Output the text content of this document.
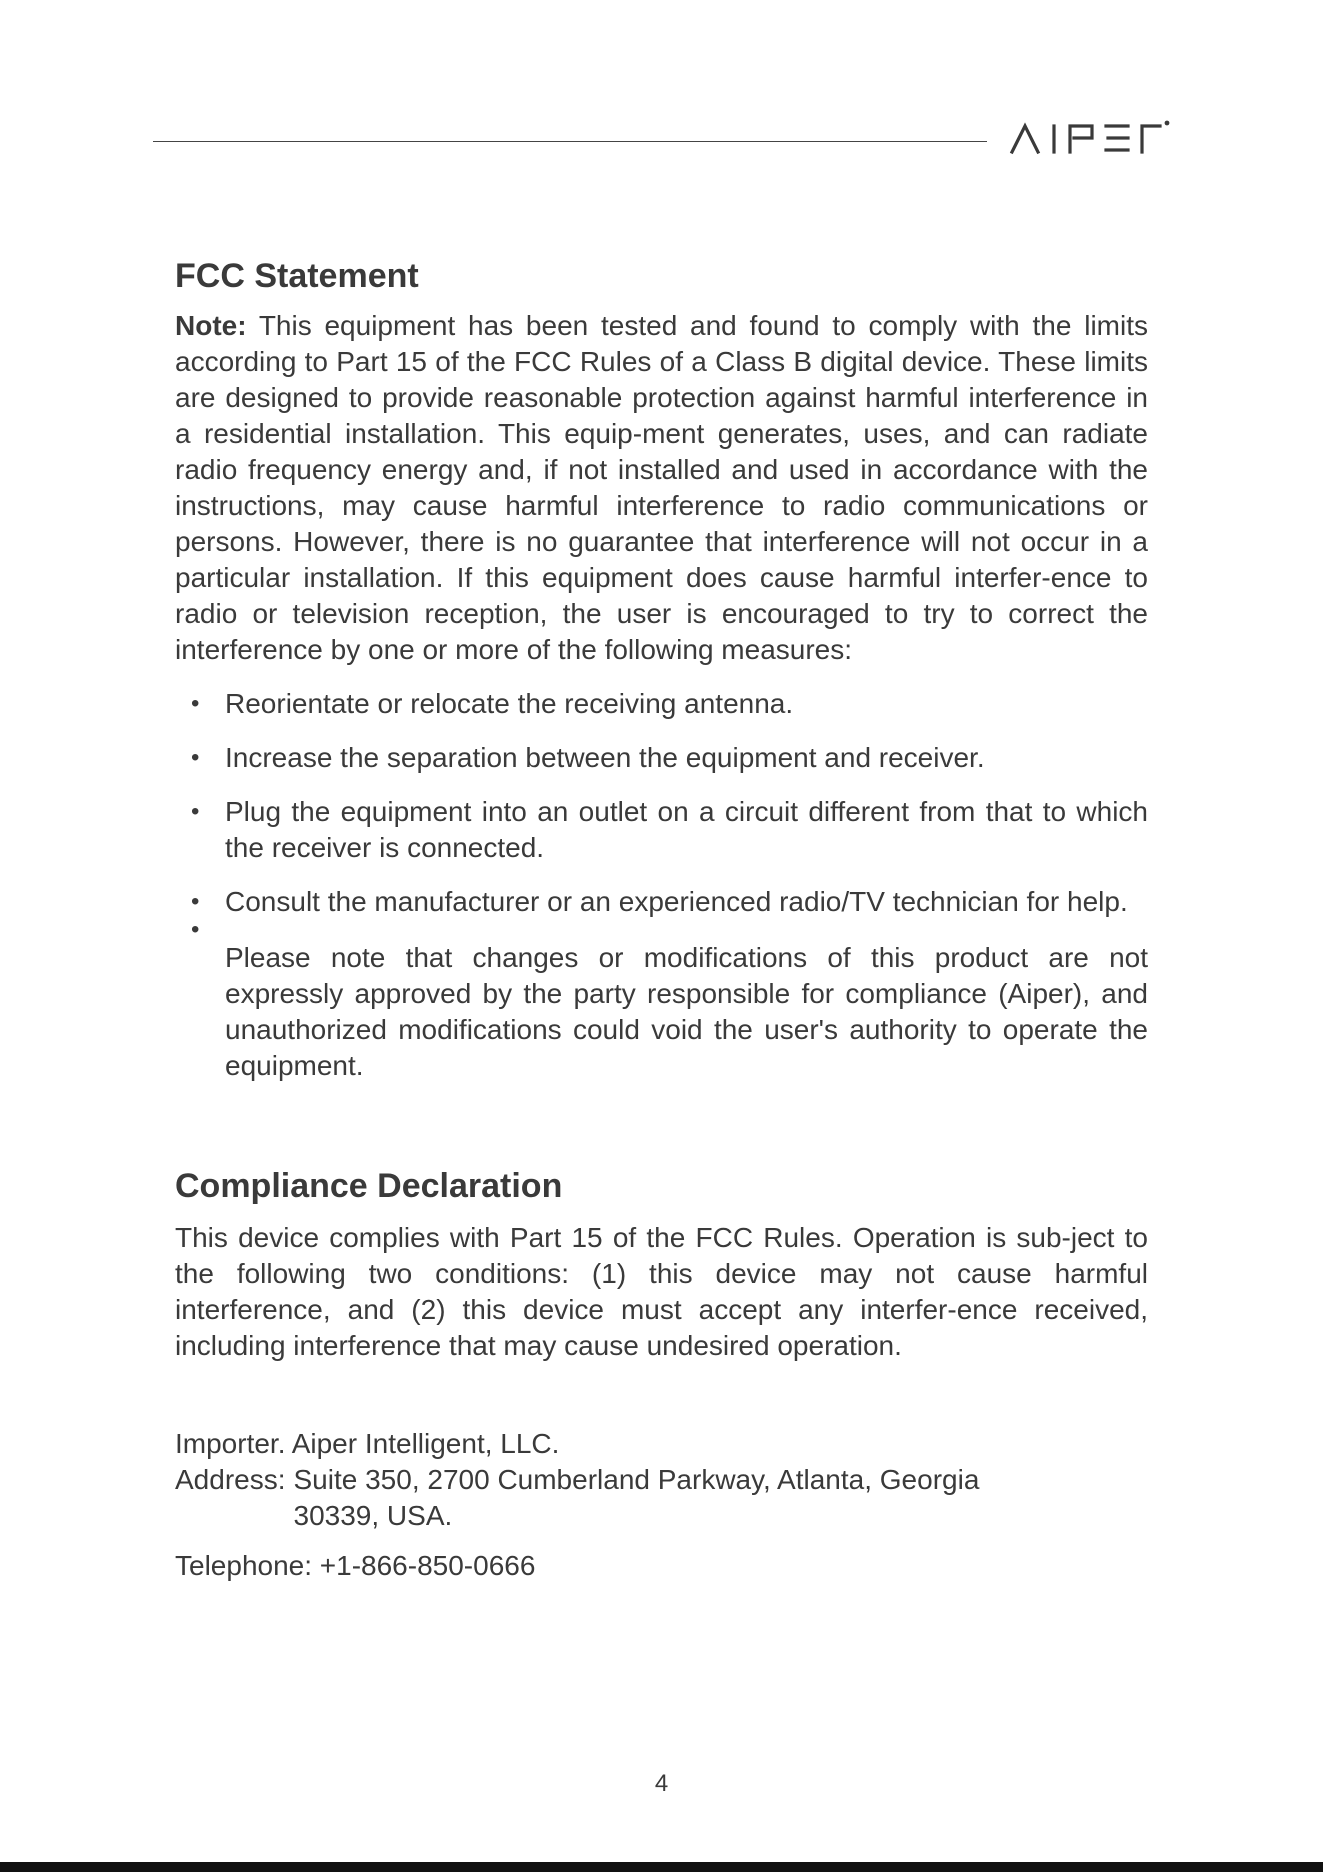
FCC Statement

Note: This equipment has been tested and found to comply with the limits according to Part 15 of the FCC Rules of a Class B digital device. These limits are designed to provide reasonable protection against harmful interference in a residential installation. This equip-ment generates, uses, and can radiate radio frequency energy and, if not installed and used in accordance with the instructions, may cause harmful interference to radio communications or persons. However, there is no guarantee that interference will not occur in a particular installation. If this equipment does cause harmful interfer-ence to radio or television reception, the user is encouraged to try to correct the interference by one or more of the following measures:

• Reorientate or relocate the receiving antenna.
• Increase the separation between the equipment and receiver.
• Plug the equipment into an outlet on a circuit different from that to which the receiver is connected.
• Consult the manufacturer or an experienced radio/TV technician for help.
•

Please note that changes or modifications of this product are not expressly approved by the party responsible for compliance (Aiper), and unauthorized modifications could void the user's authority to operate the equipment.

Compliance Declaration

This device complies with Part 15 of the FCC Rules. Operation is sub-ject to the following two conditions: (1) this device may not cause harmful interference, and (2) this device must accept any interfer-ence received, including interference that may cause undesired operation.

Importer. Aiper Intelligent, LLC.
Address: Suite 350, 2700 Cumberland Parkway, Atlanta, Georgia
30339, USA.
Telephone: +1-866-850-0666
4
